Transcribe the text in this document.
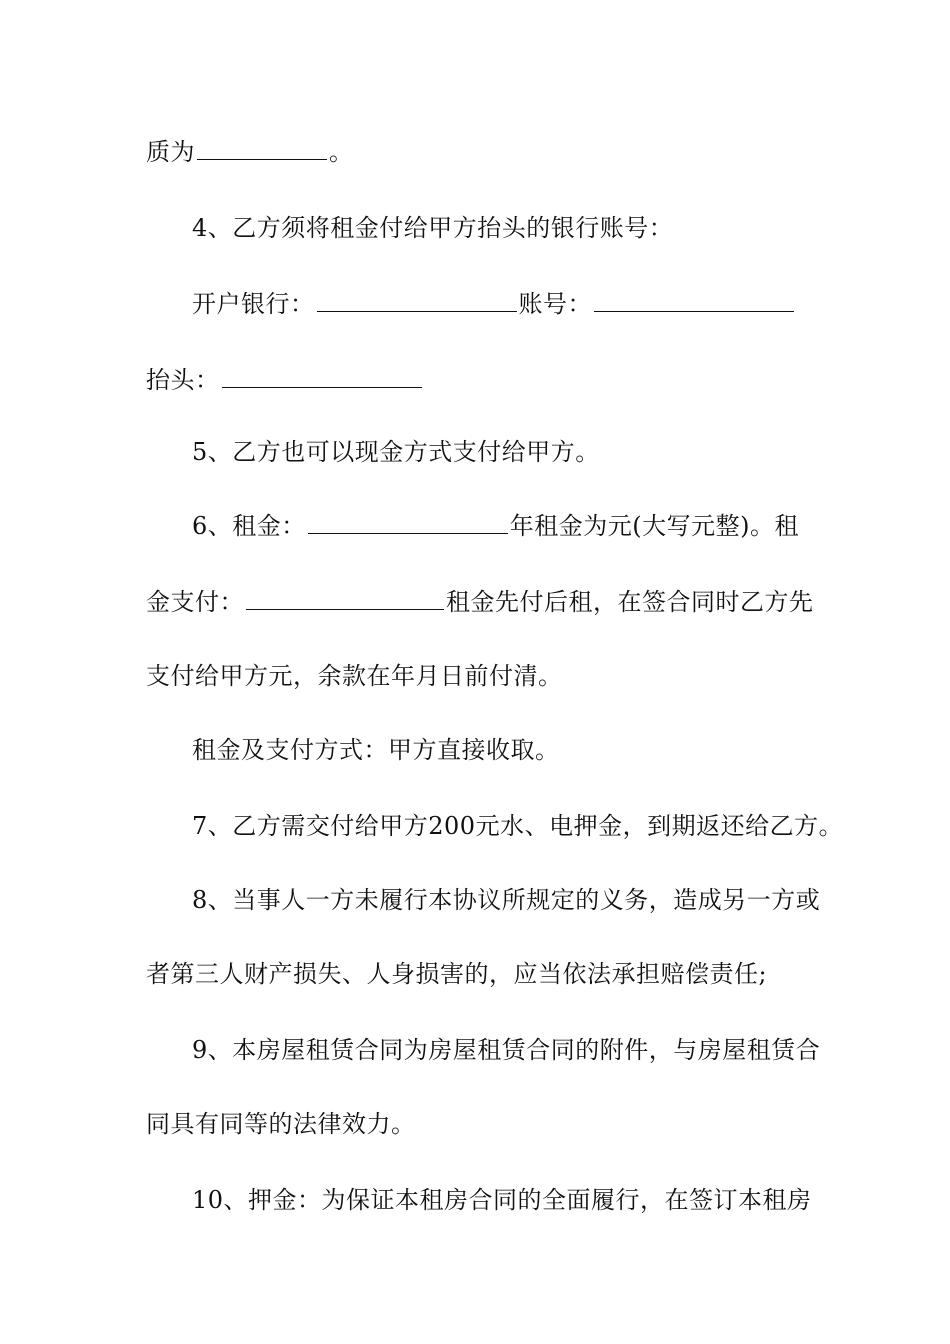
质为	。
4、乙方须将租金付给甲方抬头的银行账号：
开户银行：	账号：
抬头：
5、乙方也可以现金方式支付给甲方。
6、租金：	年租金为元(大写元整)。租
金支付：	租金先付后租，在签合同时乙方先
支付给甲方元，余款在年月日前付清。
租金及支付方式：甲方直接收取。
7、乙方需交付给甲方200元水、电押金，到期返还给乙方。
8、当事人一方未履行本协议所规定的义务，造成另一方或
者第三人财产损失、人身损害的，应当依法承担赔偿责任;
9、本房屋租赁合同为房屋租赁合同的附件，与房屋租赁合
同具有同等的法律效力。
10、押金：为保证本租房合同的全面履行，在签订本租房
